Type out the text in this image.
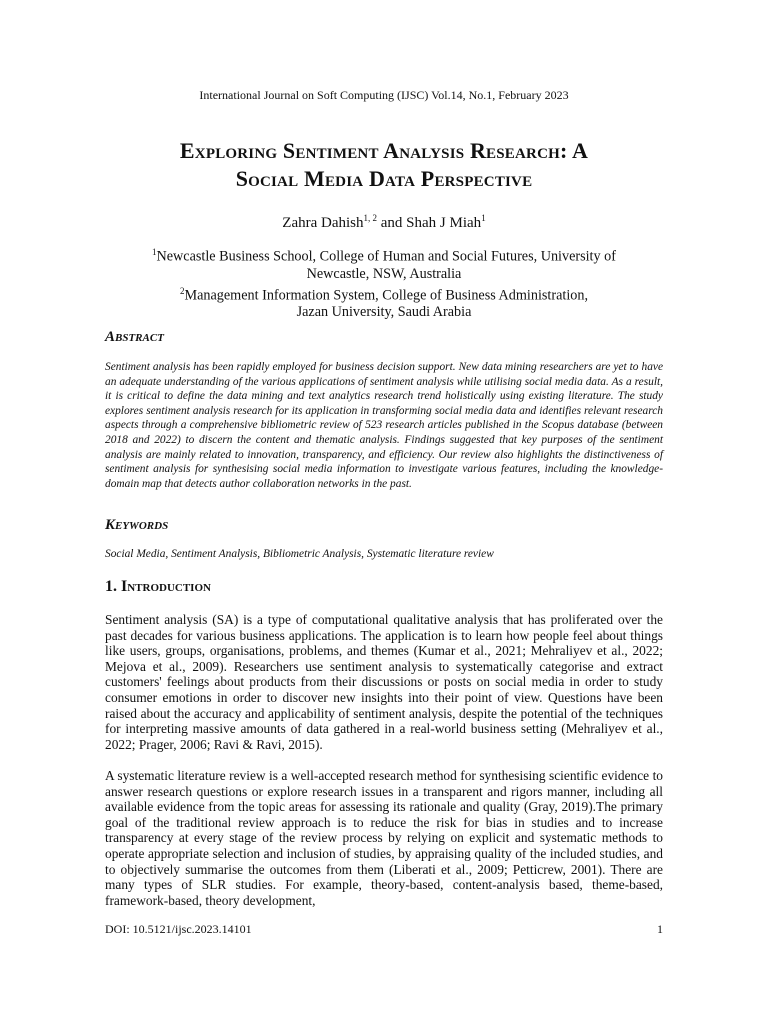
International Journal on Soft Computing (IJSC) Vol.14, No.1, February 2023
Exploring Sentiment Analysis Research: A
Social Media Data Perspective
Zahra Dahish$^{1, 2}$ and Shah J Miah$^1$
$^1$Newcastle Business School, College of Human and Social Futures, University of
Newcastle, NSW, Australia
$^2$Management Information System, College of Business Administration,
Jazan University, Saudi Arabia
Abstract
Sentiment analysis has been rapidly employed for business decision support. New data mining researchers are yet to have an adequate understanding of the various applications of sentiment analysis while utilising social media data. As a result, it is critical to define the data mining and text analytics research trend holistically using existing literature. The study explores sentiment analysis research for its application in transforming social media data and identifies relevant research aspects through a comprehensive bibliometric review of 523 research articles published in the Scopus database (between 2018 and 2022) to discern the content and thematic analysis. Findings suggested that key purposes of the sentiment analysis are mainly related to innovation, transparency, and efficiency. Our review also highlights the distinctiveness of sentiment analysis for synthesising social media information to investigate various features, including the knowledge-domain map that detects author collaboration networks in the past.
Keywords
Social Media, Sentiment Analysis, Bibliometric Analysis, Systematic literature review
1. Introduction
Sentiment analysis (SA) is a type of computational qualitative analysis that has proliferated over the past decades for various business applications. The application is to learn how people feel about things like users, groups, organisations, problems, and themes (Kumar et al., 2021; Mehraliyev et al., 2022; Mejova et al., 2009). Researchers use sentiment analysis to systematically categorise and extract customers' feelings about products from their discussions or posts on social media in order to study consumer emotions in order to discover new insights into their point of view. Questions have been raised about the accuracy and applicability of sentiment analysis, despite the potential of the techniques for interpreting massive amounts of data gathered in a real-world business setting (Mehraliyev et al., 2022; Prager, 2006; Ravi & Ravi, 2015).
A systematic literature review is a well-accepted research method for synthesising scientific evidence to answer research questions or explore research issues in a transparent and rigors manner, including all available evidence from the topic areas for assessing its rationale and quality (Gray, 2019).The primary goal of the traditional review approach is to reduce the risk for bias in studies and to increase transparency at every stage of the review process by relying on explicit and systematic methods to operate appropriate selection and inclusion of studies, by appraising quality of the included studies, and to objectively summarise the outcomes from them (Liberati et al., 2009; Petticrew, 2001). There are many types of SLR studies. For example, theory-based, content-analysis based, theme-based, framework-based, theory development,
DOI: 10.5121/ijsc.2023.14101	1
